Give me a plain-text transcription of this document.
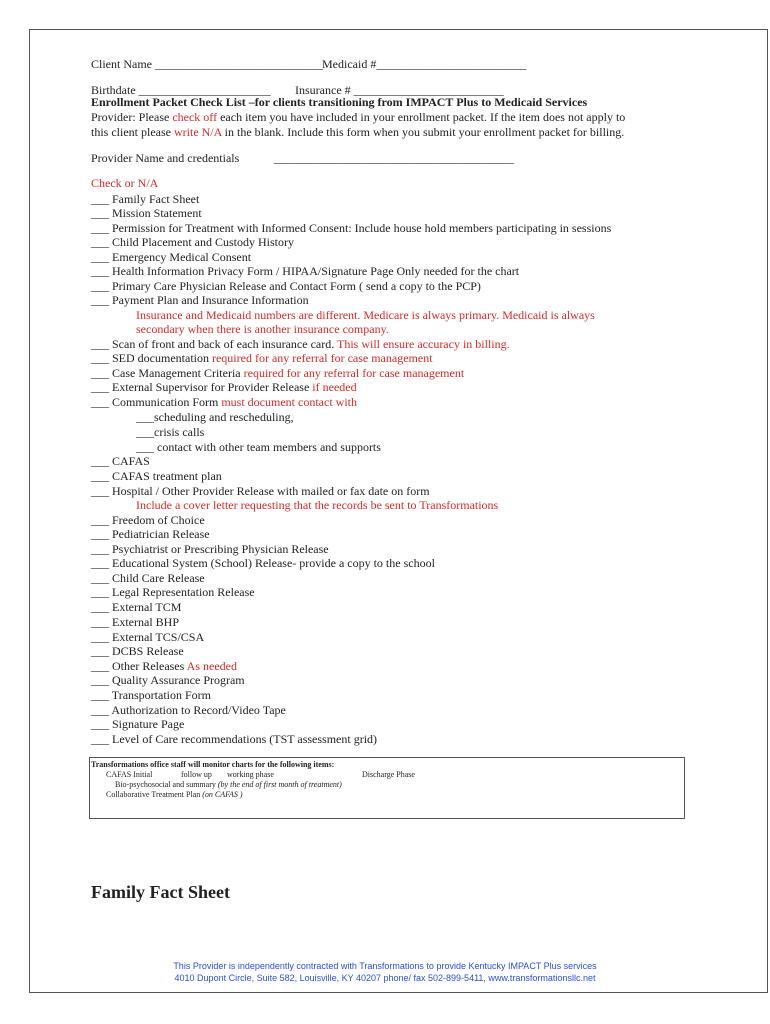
Client Name ____________________________ Medicaid #_________________________
Birthdate ______________________ Insurance # _________________________
Enrollment Packet Check List –for clients transitioning from IMPACT Plus to Medicaid Services
Provider: Please check off each item you have included in your enrollment packet. If the item does not apply to
this client please write N/A in the blank. Include this form when you submit your enrollment packet for billing.
Provider Name and credentials	________________________________________
Check or N/A
___ Family Fact Sheet
___ Mission Statement
___ Permission for Treatment with Informed Consent: Include house hold members participating in sessions
___ Child Placement and Custody History
___ Emergency Medical Consent
___ Health Information Privacy Form / HIPAA/Signature Page Only needed for the chart
___ Primary Care Physician Release and Contact Form ( send a copy to the PCP)
___ Payment Plan and Insurance Information
Insurance and Medicaid numbers are different. Medicare is always primary. Medicaid is always
secondary when there is another insurance company.
___ Scan of front and back of each insurance card. This will ensure accuracy in billing.
___ SED documentation required for any referral for case management
___ Case Management Criteria required for any referral for case management
___ External Supervisor for Provider Release if needed
___ Communication Form must document contact with
___scheduling and rescheduling,
___crisis calls
___ contact with other team members and supports
___ CAFAS
___ CAFAS treatment plan
___ Hospital / Other Provider Release with mailed or fax date on form
Include a cover letter requesting that the records be sent to Transformations
___ Freedom of Choice
___ Pediatrician Release
___ Psychiatrist or Prescribing Physician Release
___ Educational System (School) Release- provide a copy to the school
___ Child Care Release
___ Legal Representation Release
___ External TCM
___ External BHP
___ External TCS/CSA
___ DCBS Release
___ Other Releases As needed
___ Quality Assurance Program
___ Transportation Form
___ Authorization to Record/Video Tape
___ Signature Page
___ Level of Care recommendations (TST assessment grid)
Transformations office staff will monitor charts for the following items:
CAFAS Initial	follow up working phase	Discharge Phase
Bio-psychosocial and summary (by the end of first month of treatment)
Collaborative Treatment Plan (on CAFAS )
Family Fact Sheet
This Provider is independently contracted with Transformations to provide Kentucky IMPACT Plus services
4010 Dupont Circle, Suite 582, Louisville, KY 40207 phone/ fax 502-899-5411, www.transformationsllc.net
